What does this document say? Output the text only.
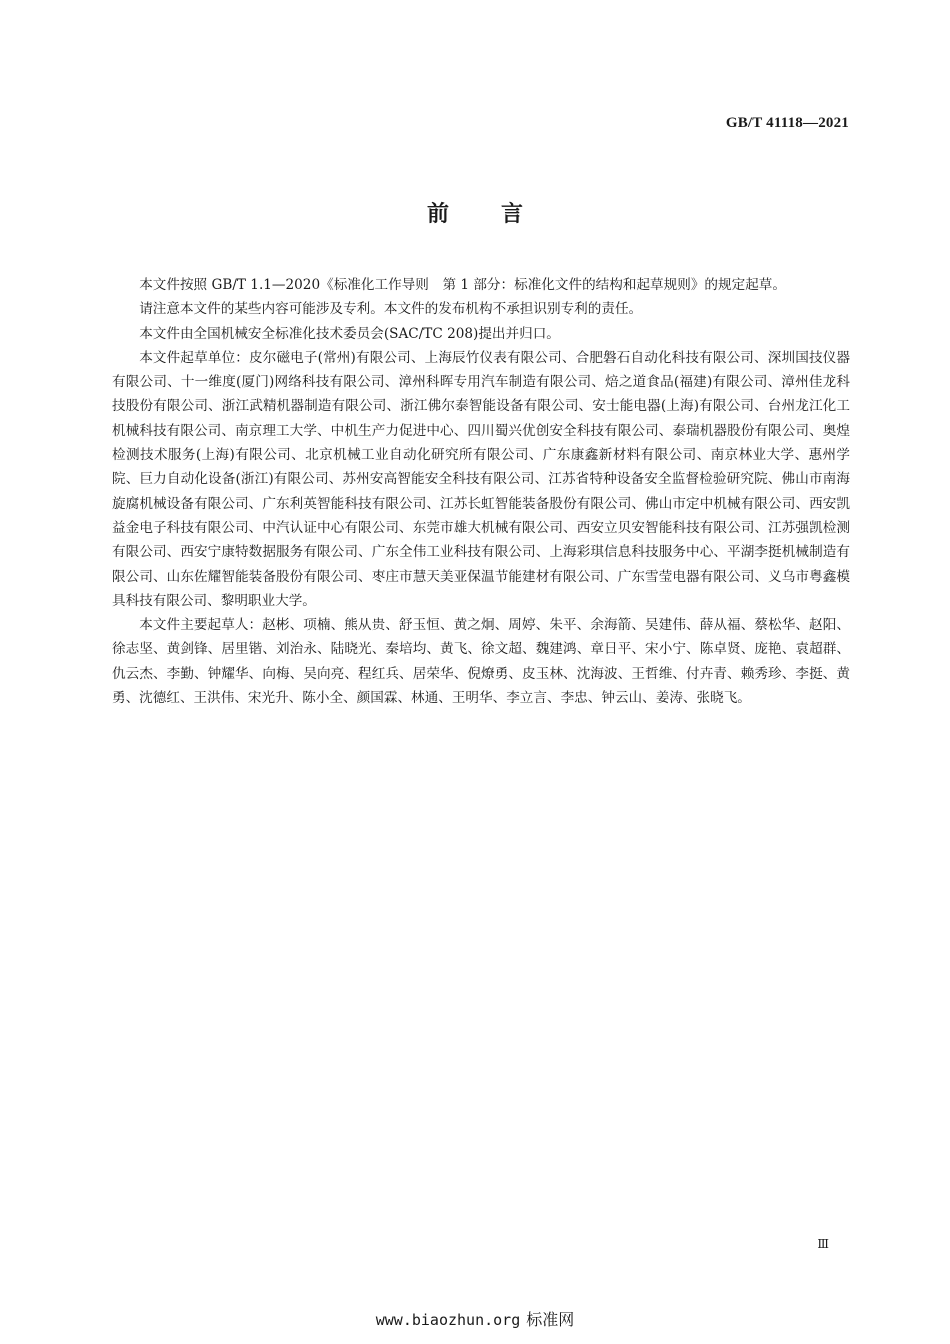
GB/T 41118—2021
前 言

本文件按照 GB/T 1.1—2020《标准化工作导则　第 1 部分：标准化文件的结构和起草规则》的规定起草。

请注意本文件的某些内容可能涉及专利。本文件的发布机构不承担识别专利的责任。

本文件由全国机械安全标准化技术委员会(SAC/TC 208)提出并归口。

本文件起草单位：皮尔磁电子(常州)有限公司、上海辰竹仪表有限公司、合肥磐石自动化科技有限公司、深圳国技仪器有限公司、十一维度(厦门)网络科技有限公司、漳州科晖专用汽车制造有限公司、焙之道食品(福建)有限公司、漳州佳龙科技股份有限公司、浙江武精机器制造有限公司、浙江佛尔泰智能设备有限公司、安士能电器(上海)有限公司、台州龙江化工机械科技有限公司、南京理工大学、中机生产力促进中心、四川蜀兴优创安全科技有限公司、泰瑞机器股份有限公司、奥煌检测技术服务(上海)有限公司、北京机械工业自动化研究所有限公司、广东康鑫新材料有限公司、南京林业大学、惠州学院、巨力自动化设备(浙江)有限公司、苏州安高智能安全科技有限公司、江苏省特种设备安全监督检验研究院、佛山市南海旋腐机械设备有限公司、广东利英智能科技有限公司、江苏长虹智能装备股份有限公司、佛山市定中机械有限公司、西安凯益金电子科技有限公司、中汽认证中心有限公司、东莞市雄大机械有限公司、西安立贝安智能科技有限公司、江苏强凯检测有限公司、西安宁康特数据服务有限公司、广东全伟工业科技有限公司、上海彩琪信息科技服务中心、平湖李挺机械制造有限公司、山东佐耀智能装备股份有限公司、枣庄市慧天美亚保温节能建材有限公司、广东雪莹电器有限公司、义乌市粤鑫模具科技有限公司、黎明职业大学。

本文件主要起草人：赵彬、项楠、熊从贵、舒玉恒、黄之炯、周婷、朱平、余海箭、吴建伟、薛从福、蔡松华、赵阳、徐志坚、黄剑锋、居里锴、刘治永、陆晓光、秦培均、黄飞、徐文超、魏建鸿、章日平、宋小宁、陈卓贤、庞艳、袁超群、仇云杰、李勤、钟耀华、向梅、吴向亮、程红兵、居荣华、倪燎勇、皮玉林、沈海波、王哲维、付卉青、赖秀珍、李挺、黄勇、沈德红、王洪伟、宋光升、陈小全、颜国霖、林通、王明华、李立言、李忠、钟云山、姜涛、张晓飞。

Ⅲ
www.biaozhun.org 标准网
